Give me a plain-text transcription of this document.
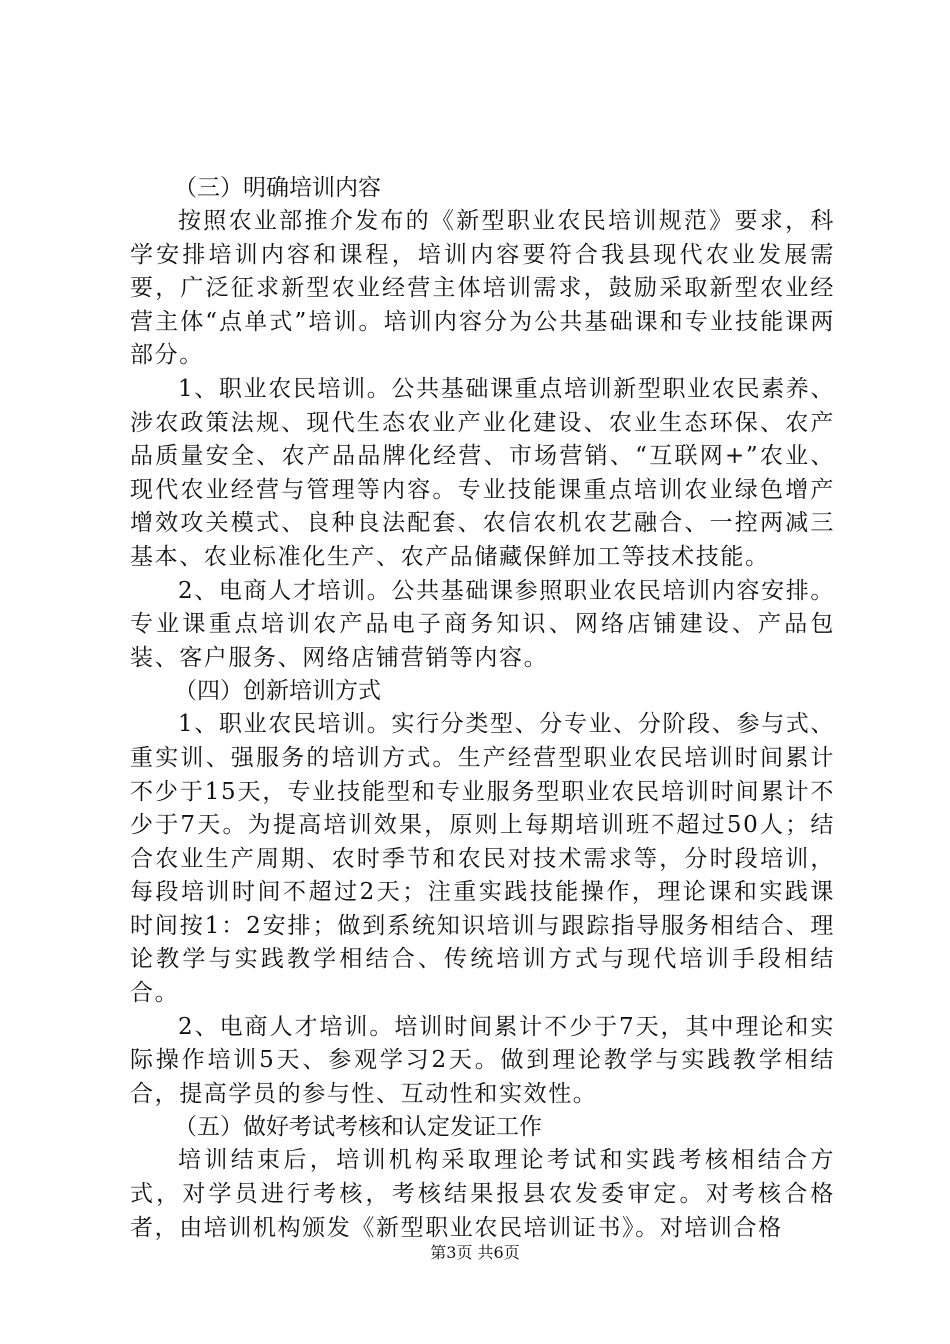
（三）明确培训内容

按照农业部推介发布的《新型职业农民培训规范》要求，科学安排培训内容和课程，培训内容要符合我县现代农业发展需要，广泛征求新型农业经营主体培训需求，鼓励采取新型农业经营主体“点单式”培训。培训内容分为公共基础课和专业技能课两部分。

1、职业农民培训。公共基础课重点培训新型职业农民素养、涉农政策法规、现代生态农业产业化建设、农业生态环保、农产品质量安全、农产品品牌化经营、市场营销、“互联网+”农业、现代农业经营与管理等内容。专业技能课重点培训农业绿色增产增效攻关模式、良种良法配套、农信农机农艺融合、一控两减三基本、农业标准化生产、农产品储藏保鲜加工等技术技能。

2、电商人才培训。公共基础课参照职业农民培训内容安排。专业课重点培训农产品电子商务知识、网络店铺建设、产品包装、客户服务、网络店铺营销等内容。

（四）创新培训方式

1、职业农民培训。实行分类型、分专业、分阶段、参与式、重实训、强服务的培训方式。生产经营型职业农民培训时间累计不少于15天，专业技能型和专业服务型职业农民培训时间累计不少于7天。为提高培训效果，原则上每期培训班不超过50人；结合农业生产周期、农时季节和农民对技术需求等，分时段培训，每段培训时间不超过2天；注重实践技能操作，理论课和实践课时间按1：2安排；做到系统知识培训与跟踪指导服务相结合、理论教学与实践教学相结合、传统培训方式与现代培训手段相结合。

2、电商人才培训。培训时间累计不少于7天，其中理论和实际操作培训5天、参观学习2天。做到理论教学与实践教学相结合，提高学员的参与性、互动性和实效性。

（五）做好考试考核和认定发证工作

培训结束后，培训机构采取理论考试和实践考核相结合方式，对学员进行考核，考核结果报县农发委审定。对考核合格者，由培训机构颁发《新型职业农民培训证书》。对培训合格

第3页 共6页
